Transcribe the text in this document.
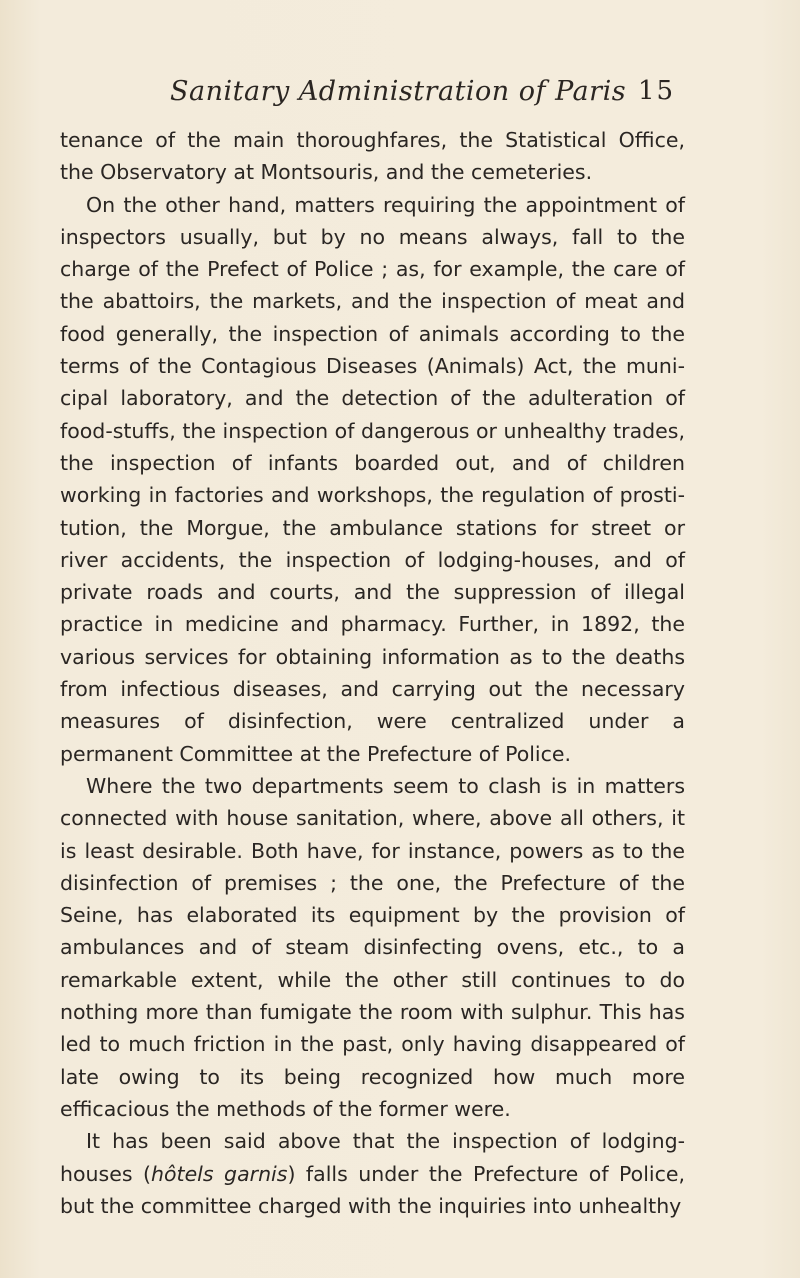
Sanitary Administration of Paris 15

tenance of the main thoroughfares, the Statistical Office, the Observatory at Montsouris, and the cemeteries.

On the other hand, matters requiring the appointment of inspectors usually, but by no means always, fall to the charge of the Prefect of Police ; as, for example, the care of the abattoirs, the markets, and the inspection of meat and food generally, the inspection of animals according to the terms of the Contagious Diseases (Animals) Act, the muni-cipal laboratory, and the detection of the adulteration of food-stuffs, the inspection of dangerous or unhealthy trades, the inspection of infants boarded out, and of children working in factories and workshops, the regulation of prosti-tution, the Morgue, the ambulance stations for street or river accidents, the inspection of lodging-houses, and of private roads and courts, and the suppression of illegal practice in medicine and pharmacy. Further, in 1892, the various services for obtaining information as to the deaths from infectious diseases, and carrying out the necessary measures of disinfection, were centralized under a permanent Committee at the Prefecture of Police.

Where the two departments seem to clash is in matters connected with house sanitation, where, above all others, it is least desirable. Both have, for instance, powers as to the disinfection of premises ; the one, the Prefecture of the Seine, has elaborated its equipment by the provision of ambulances and of steam disinfecting ovens, etc., to a remarkable extent, while the other still continues to do nothing more than fumigate the room with sulphur. This has led to much friction in the past, only having disappeared of late owing to its being recognized how much more efficacious the methods of the former were.

It has been said above that the inspection of lodging-houses (hôtels garnis) falls under the Prefecture of Police, but the committee charged with the inquiries into unhealthy
